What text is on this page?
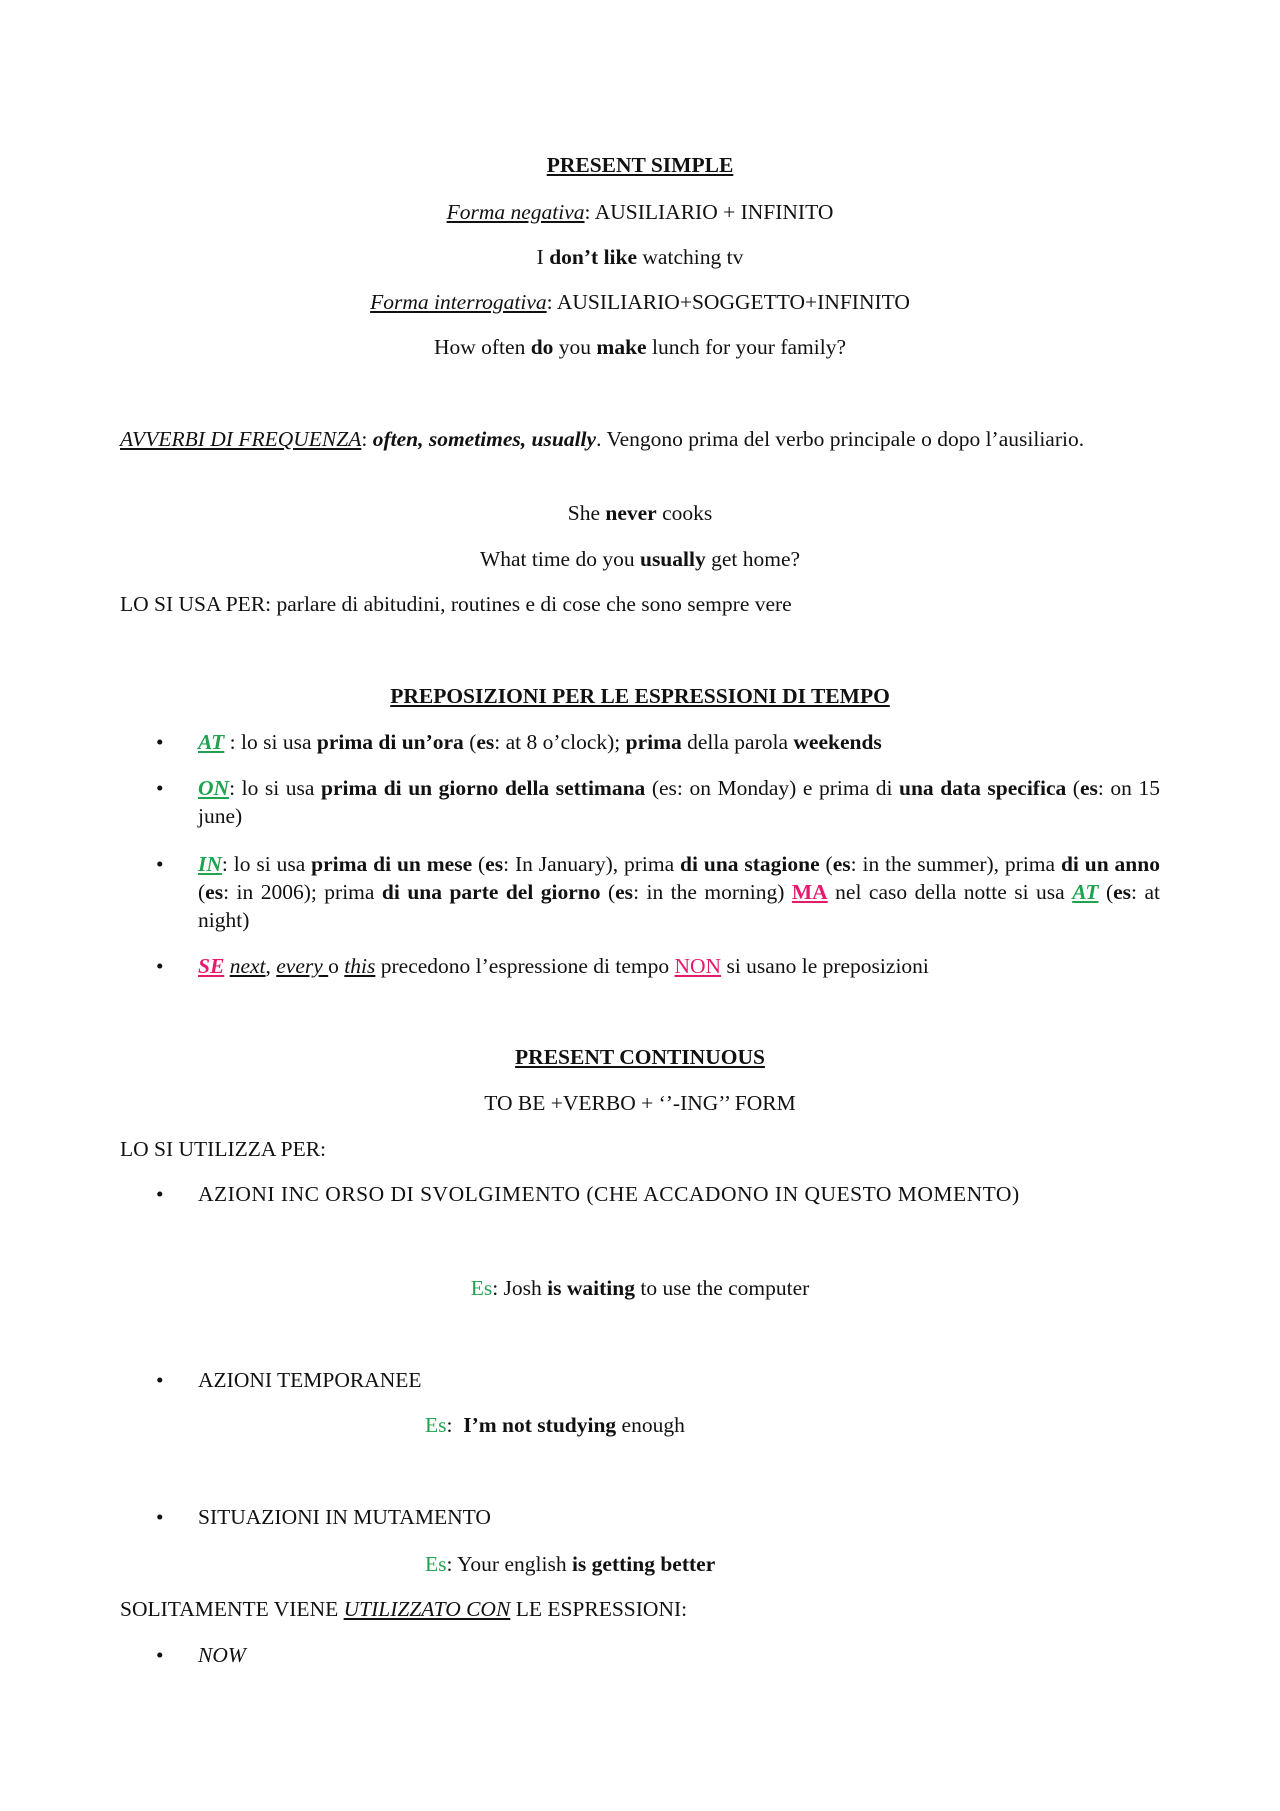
PRESENT SIMPLE
Forma negativa: AUSILIARIO + INFINITO
I don’t like watching tv
Forma interrogativa: AUSILIARIO+SOGGETTO+INFINITO
How often do you make lunch for your family?
AVVERBI DI FREQUENZA: often, sometimes, usually. Vengono prima del verbo principale o dopo l’ausiliario.
She never cooks
What time do you usually get home?
LO SI USA PER: parlare di abitudini, routines e di cose che sono sempre vere
PREPOSIZIONI PER LE ESPRESSIONI DI TEMPO
•	AT : lo si usa prima di un’ora (es: at 8 o’clock); prima della parola weekends
•	ON: lo si usa prima di un giorno della settimana (es: on Monday) e prima di una data specifica (es: on 15 june)
•	IN: lo si usa prima di un mese (es: In January), prima di una stagione (es: in the summer), prima di un anno (es: in 2006); prima di una parte del giorno (es: in the morning) MA nel caso della notte si usa AT (es: at night)
•	SE next, every o this precedono l’espressione di tempo NON si usano le preposizioni
PRESENT CONTINUOUS
TO BE +VERBO + ‘’-ING’’ FORM
LO SI UTILIZZA PER:
•	AZIONI INC ORSO DI SVOLGIMENTO (CHE ACCADONO IN QUESTO MOMENTO)
Es: Josh is waiting to use the computer
•	AZIONI TEMPORANEE
Es:  I’m not studying enough
•	SITUAZIONI IN MUTAMENTO
Es: Your english is getting better
SOLITAMENTE VIENE UTILIZZATO CON LE ESPRESSIONI:
•	NOW
